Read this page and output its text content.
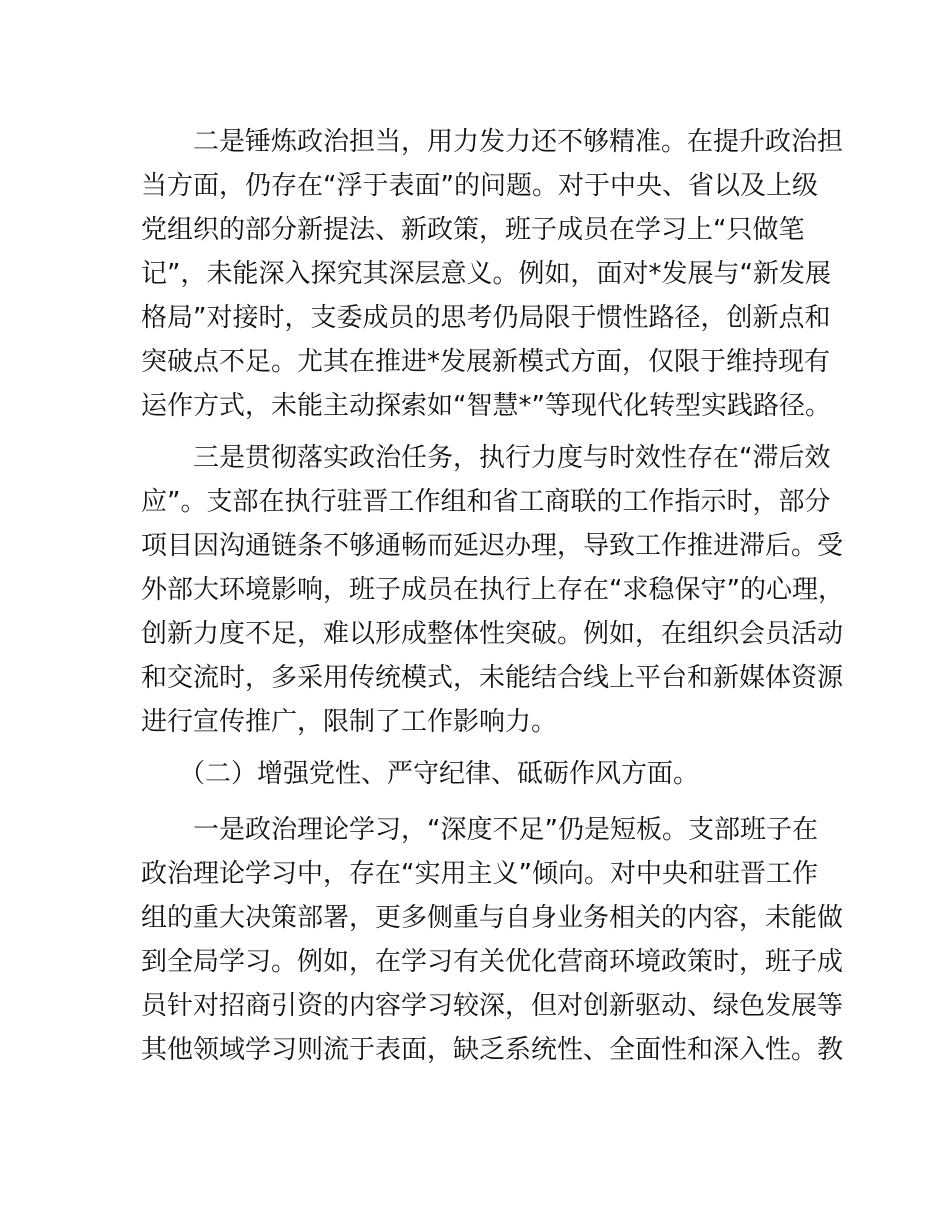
二是锤炼政治担当，用力发力还不够精准。在提升政治担
当方面，仍存在“浮于表面”的问题。对于中央、省以及上级
党组织的部分新提法、新政策，班子成员在学习上“只做笔
记”，未能深入探究其深层意义。例如，面对*发展与“新发展
格局”对接时，支委成员的思考仍局限于惯性路径，创新点和
突破点不足。尤其在推进*发展新模式方面，仅限于维持现有
运作方式，未能主动探索如“智慧*”等现代化转型实践路径。
三是贯彻落实政治任务，执行力度与时效性存在“滞后效
应”。支部在执行驻晋工作组和省工商联的工作指示时，部分
项目因沟通链条不够通畅而延迟办理，导致工作推进滞后。受
外部大环境影响，班子成员在执行上存在“求稳保守”的心理，
创新力度不足，难以形成整体性突破。例如，在组织会员活动
和交流时，多采用传统模式，未能结合线上平台和新媒体资源
进行宣传推广，限制了工作影响力。
（二）增强党性、严守纪律、砥砺作风方面。
一是政治理论学习，“深度不足”仍是短板。支部班子在
政治理论学习中，存在“实用主义”倾向。对中央和驻晋工作
组的重大决策部署，更多侧重与自身业务相关的内容，未能做
到全局学习。例如，在学习有关优化营商环境政策时，班子成
员针对招商引资的内容学习较深，但对创新驱动、绿色发展等
其他领域学习则流于表面，缺乏系统性、全面性和深入性。教
